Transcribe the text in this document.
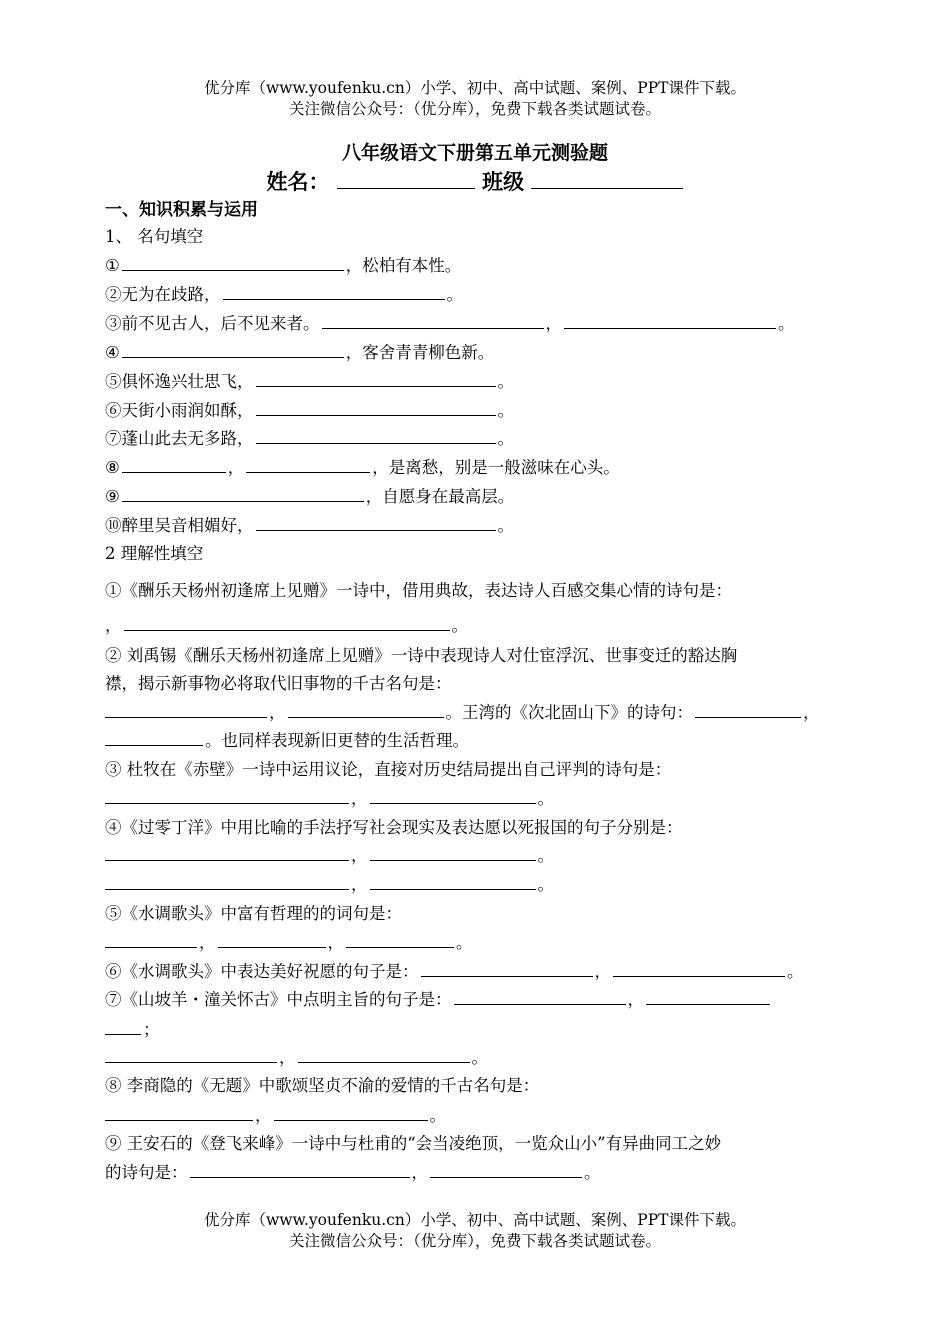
优分库（www.youfenku.cn）小学、初中、高中试题、案例、PPT课件下载。
关注微信公众号：（优分库），免费下载各类试题试卷。
八年级语文下册第五单元测验题
姓名：	班级
一、知识积累与运用
1、 名句填空
①	，松柏有本性。
②无为在歧路，	。
③前不见古人，后不见来者。	，	。
④	，客舍青青柳色新。
⑤俱怀逸兴壮思飞，	。
⑥天街小雨润如酥，	。
⑦蓬山此去无多路，	。
⑧	，	，是离愁，别是一般滋味在心头。
⑨	，自愿身在最高层。
⑩醉里吴音相媚好，	。
2 理解性填空
①《酬乐天杨州初逢席上见赠》一诗中，借用典故，表达诗人百感交集心情的诗句是：
，	。
② 刘禹锡《酬乐天杨州初逢席上见赠》一诗中表现诗人对仕宦浮沉、世事变迁的豁达胸
襟，揭示新事物必将取代旧事物的千古名句是：
，	。王湾的《次北固山下》的诗句：	，
。也同样表现新旧更替的生活哲理。
③ 杜牧在《赤壁》一诗中运用议论，直接对历史结局提出自己评判的诗句是：
，	。
④《过零丁洋》中用比喻的手法抒写社会现实及表达愿以死报国的句子分别是：
，	。
，	。
⑤《水调歌头》中富有哲理的的词句是：
，	，	。
⑥《水调歌头》中表达美好祝愿的句子是：	，	。
⑦《山坡羊・潼关怀古》中点明主旨的句子是：	，
；
，	。
⑧ 李商隐的《无题》中歌颂坚贞不渝的爱情的千古名句是：
，	。
⑨ 王安石的《登飞来峰》一诗中与杜甫的“会当凌绝顶，一览众山小”有异曲同工之妙
的诗句是：	，	。
优分库（www.youfenku.cn）小学、初中、高中试题、案例、PPT课件下载。
关注微信公众号：（优分库），免费下载各类试题试卷。
